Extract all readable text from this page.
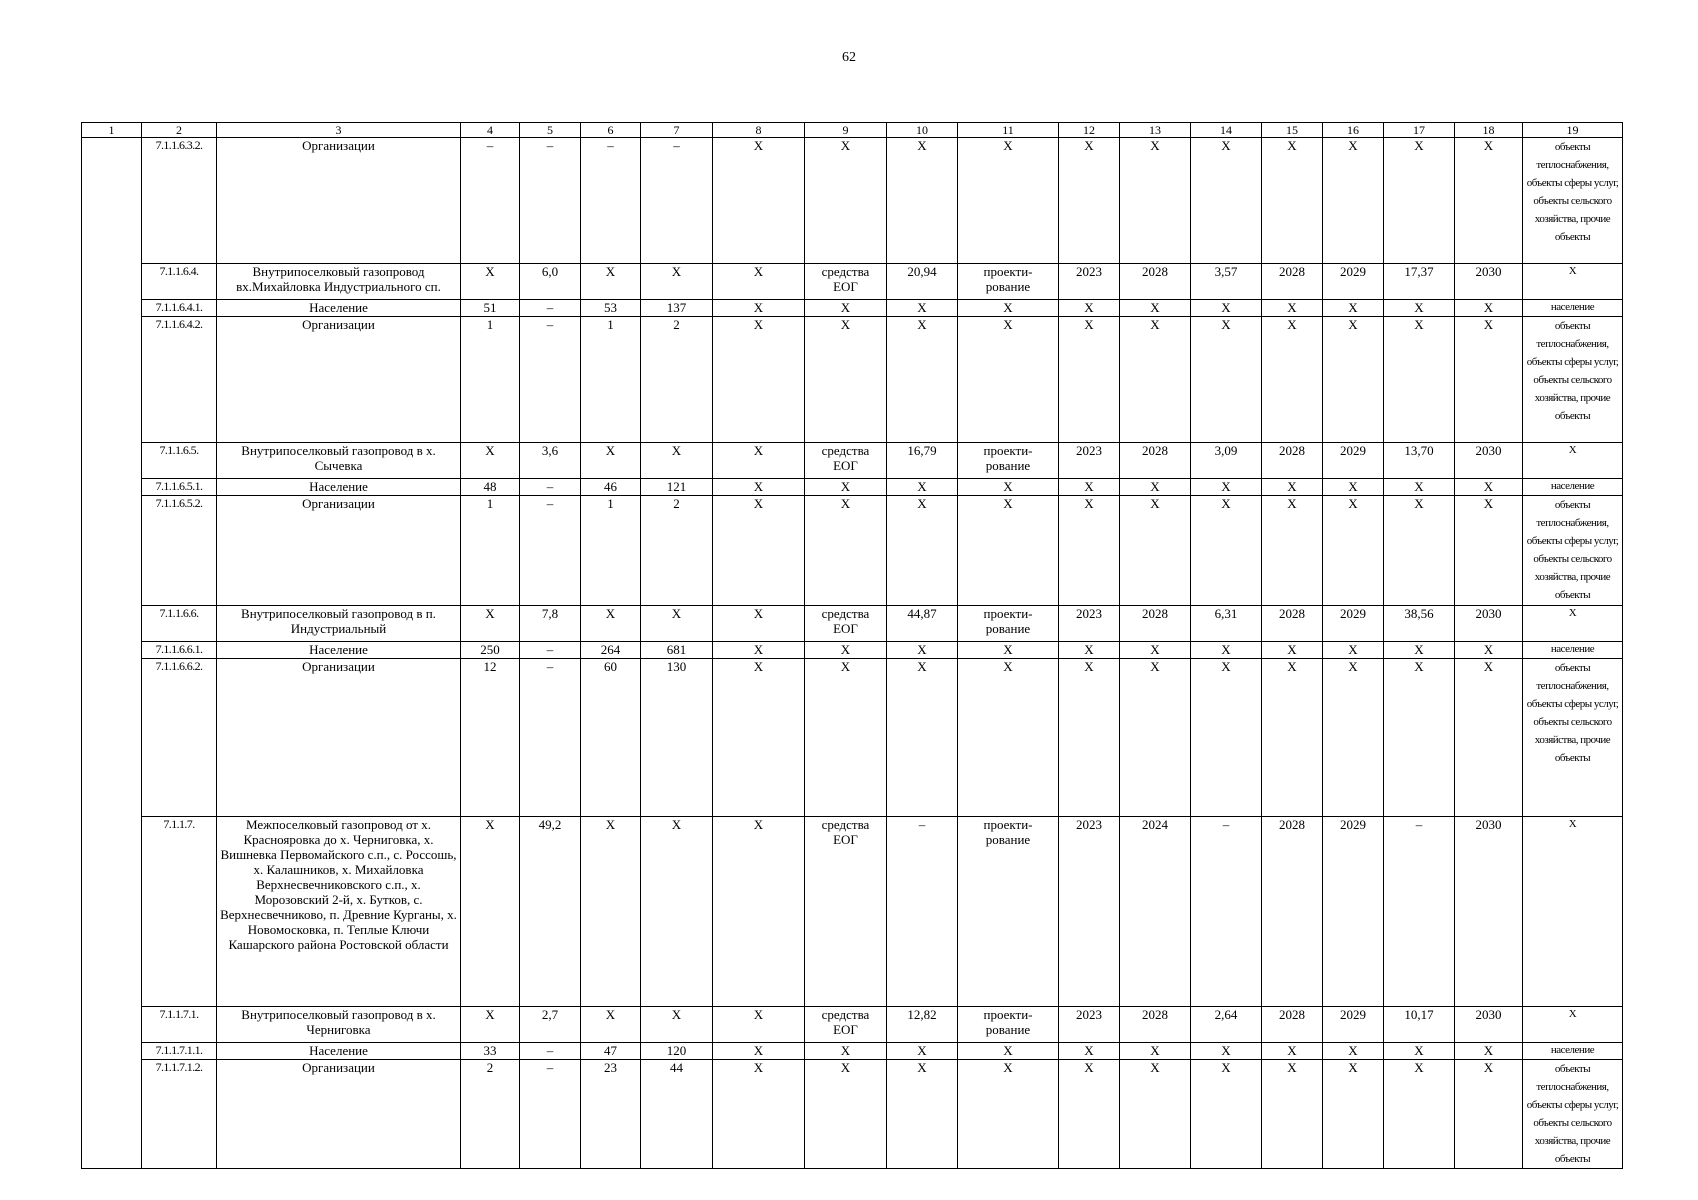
62
1	2	3	4	5	6	7	8	9	10	11	12	13	14	15	16	17	18	19
	7.1.1.6.3.2.	Организации	–	–	–	–	Х	Х	Х	Х	Х	Х	Х	Х	Х	Х	Х	объекты теплоснабжения, объекты сферы услуг, объекты сельского хозяйства, прочие объекты
	7.1.1.6.4.	Внутрипоселковый газопровод вх.Михайловка Индустриального сп.	Х	6,0	Х	Х	Х	средства ЕОГ	20,94	проекти- рование	2023	2028	3,57	2028	2029	17,37	2030	Х
	7.1.1.6.4.1.	Население	51	–	53	137	Х	Х	Х	Х	Х	Х	Х	Х	Х	Х	Х	население
	7.1.1.6.4.2.	Организации	1	–	1	2	Х	Х	Х	Х	Х	Х	Х	Х	Х	Х	Х	объекты теплоснабжения, объекты сферы услуг, объекты сельского хозяйства, прочие объекты
	7.1.1.6.5.	Внутрипоселковый газопровод в х. Сычевка	Х	3,6	Х	Х	Х	средства ЕОГ	16,79	проекти- рование	2023	2028	3,09	2028	2029	13,70	2030	Х
	7.1.1.6.5.1.	Население	48	–	46	121	Х	Х	Х	Х	Х	Х	Х	Х	Х	Х	Х	население
	7.1.1.6.5.2.	Организации	1	–	1	2	Х	Х	Х	Х	Х	Х	Х	Х	Х	Х	Х	объекты теплоснабжения, объекты сферы услуг, объекты сельского хозяйства, прочие объекты
	7.1.1.6.6.	Внутрипоселковый газопровод в п. Индустриальный	Х	7,8	Х	Х	Х	средства ЕОГ	44,87	проекти- рование	2023	2028	6,31	2028	2029	38,56	2030	Х
	7.1.1.6.6.1.	Население	250	–	264	681	Х	Х	Х	Х	Х	Х	Х	Х	Х	Х	Х	население
	7.1.1.6.6.2.	Организации	12	–	60	130	Х	Х	Х	Х	Х	Х	Х	Х	Х	Х	Х	объекты теплоснабжения, объекты сферы услуг, объекты сельского хозяйства, прочие объекты
	7.1.1.7.	Межпоселковый газопровод от х. Краснояровка до х. Черниговка, х. Вишневка Первомайского с.п., с. Россошь, х. Калашников, х. Михайловка Верхнесвечниковского с.п., х. Морозовский 2-й, х. Бутков, с. Верхнесвечниково, п. Древние Курганы, х. Новомосковка, п. Теплые Ключи Кашарского района Ростовской области	Х	49,2	Х	Х	Х	средства ЕОГ	–	проекти- рование	2023	2024	–	2028	2029	–	2030	Х
	7.1.1.7.1.	Внутрипоселковый газопровод в х. Черниговка	Х	2,7	Х	Х	Х	средства ЕОГ	12,82	проекти- рование	2023	2028	2,64	2028	2029	10,17	2030	Х
	7.1.1.7.1.1.	Население	33	–	47	120	Х	Х	Х	Х	Х	Х	Х	Х	Х	Х	Х	население
	7.1.1.7.1.2.	Организации	2	–	23	44	Х	Х	Х	Х	Х	Х	Х	Х	Х	Х	Х	объекты теплоснабжения, объекты сферы услуг, объекты сельского хозяйства, прочие объекты
